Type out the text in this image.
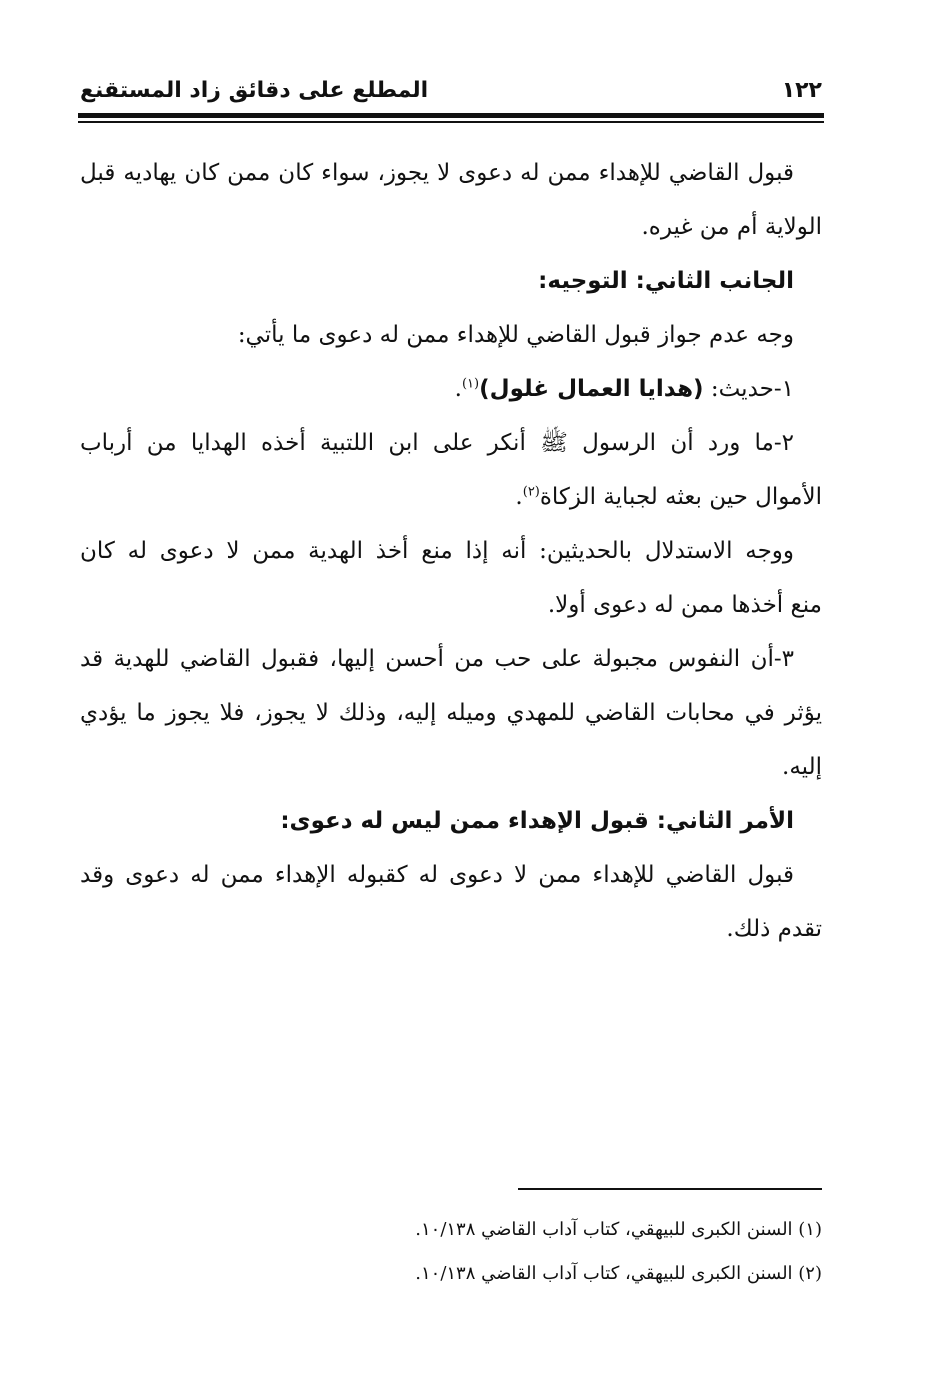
١٢٢
المطلع على دقائق زاد المستقنع
قبول القاضي للإهداء ممن له دعوى لا يجوز، سواء كان ممن كان يهاديه قبل
الولاية أم من غيره.
الجانب الثاني: التوجيه:
وجه عدم جواز قبول القاضي للإهداء ممن له دعوى ما يأتي:
١-حديث: (هدايا العمال غلول)$^{(١)}$.
٢-ما ورد أن الرسول ﷺ أنكر على ابن اللتبية أخذه الهدايا من أرباب
الأموال حين بعثه لجباية الزكاة$^{(٢)}$.
ووجه الاستدلال بالحديثين: أنه إذا منع أخذ الهدية ممن لا دعوى له كان
منع أخذها ممن له دعوى أولا.
٣-أن النفوس مجبولة على حب من أحسن إليها، فقبول القاضي للهدية قد
يؤثر في محابات القاضي للمهدي وميله إليه، وذلك لا يجوز، فلا يجوز ما يؤدي
إليه.
الأمر الثاني: قبول الإهداء ممن ليس له دعوى:
قبول القاضي للإهداء ممن لا دعوى له كقبوله الإهداء ممن له دعوى وقد
تقدم ذلك.
(١) السنن الكبرى للبيهقي، كتاب آداب القاضي ١٠/١٣٨.
(٢) السنن الكبرى للبيهقي، كتاب آداب القاضي ١٠/١٣٨.
